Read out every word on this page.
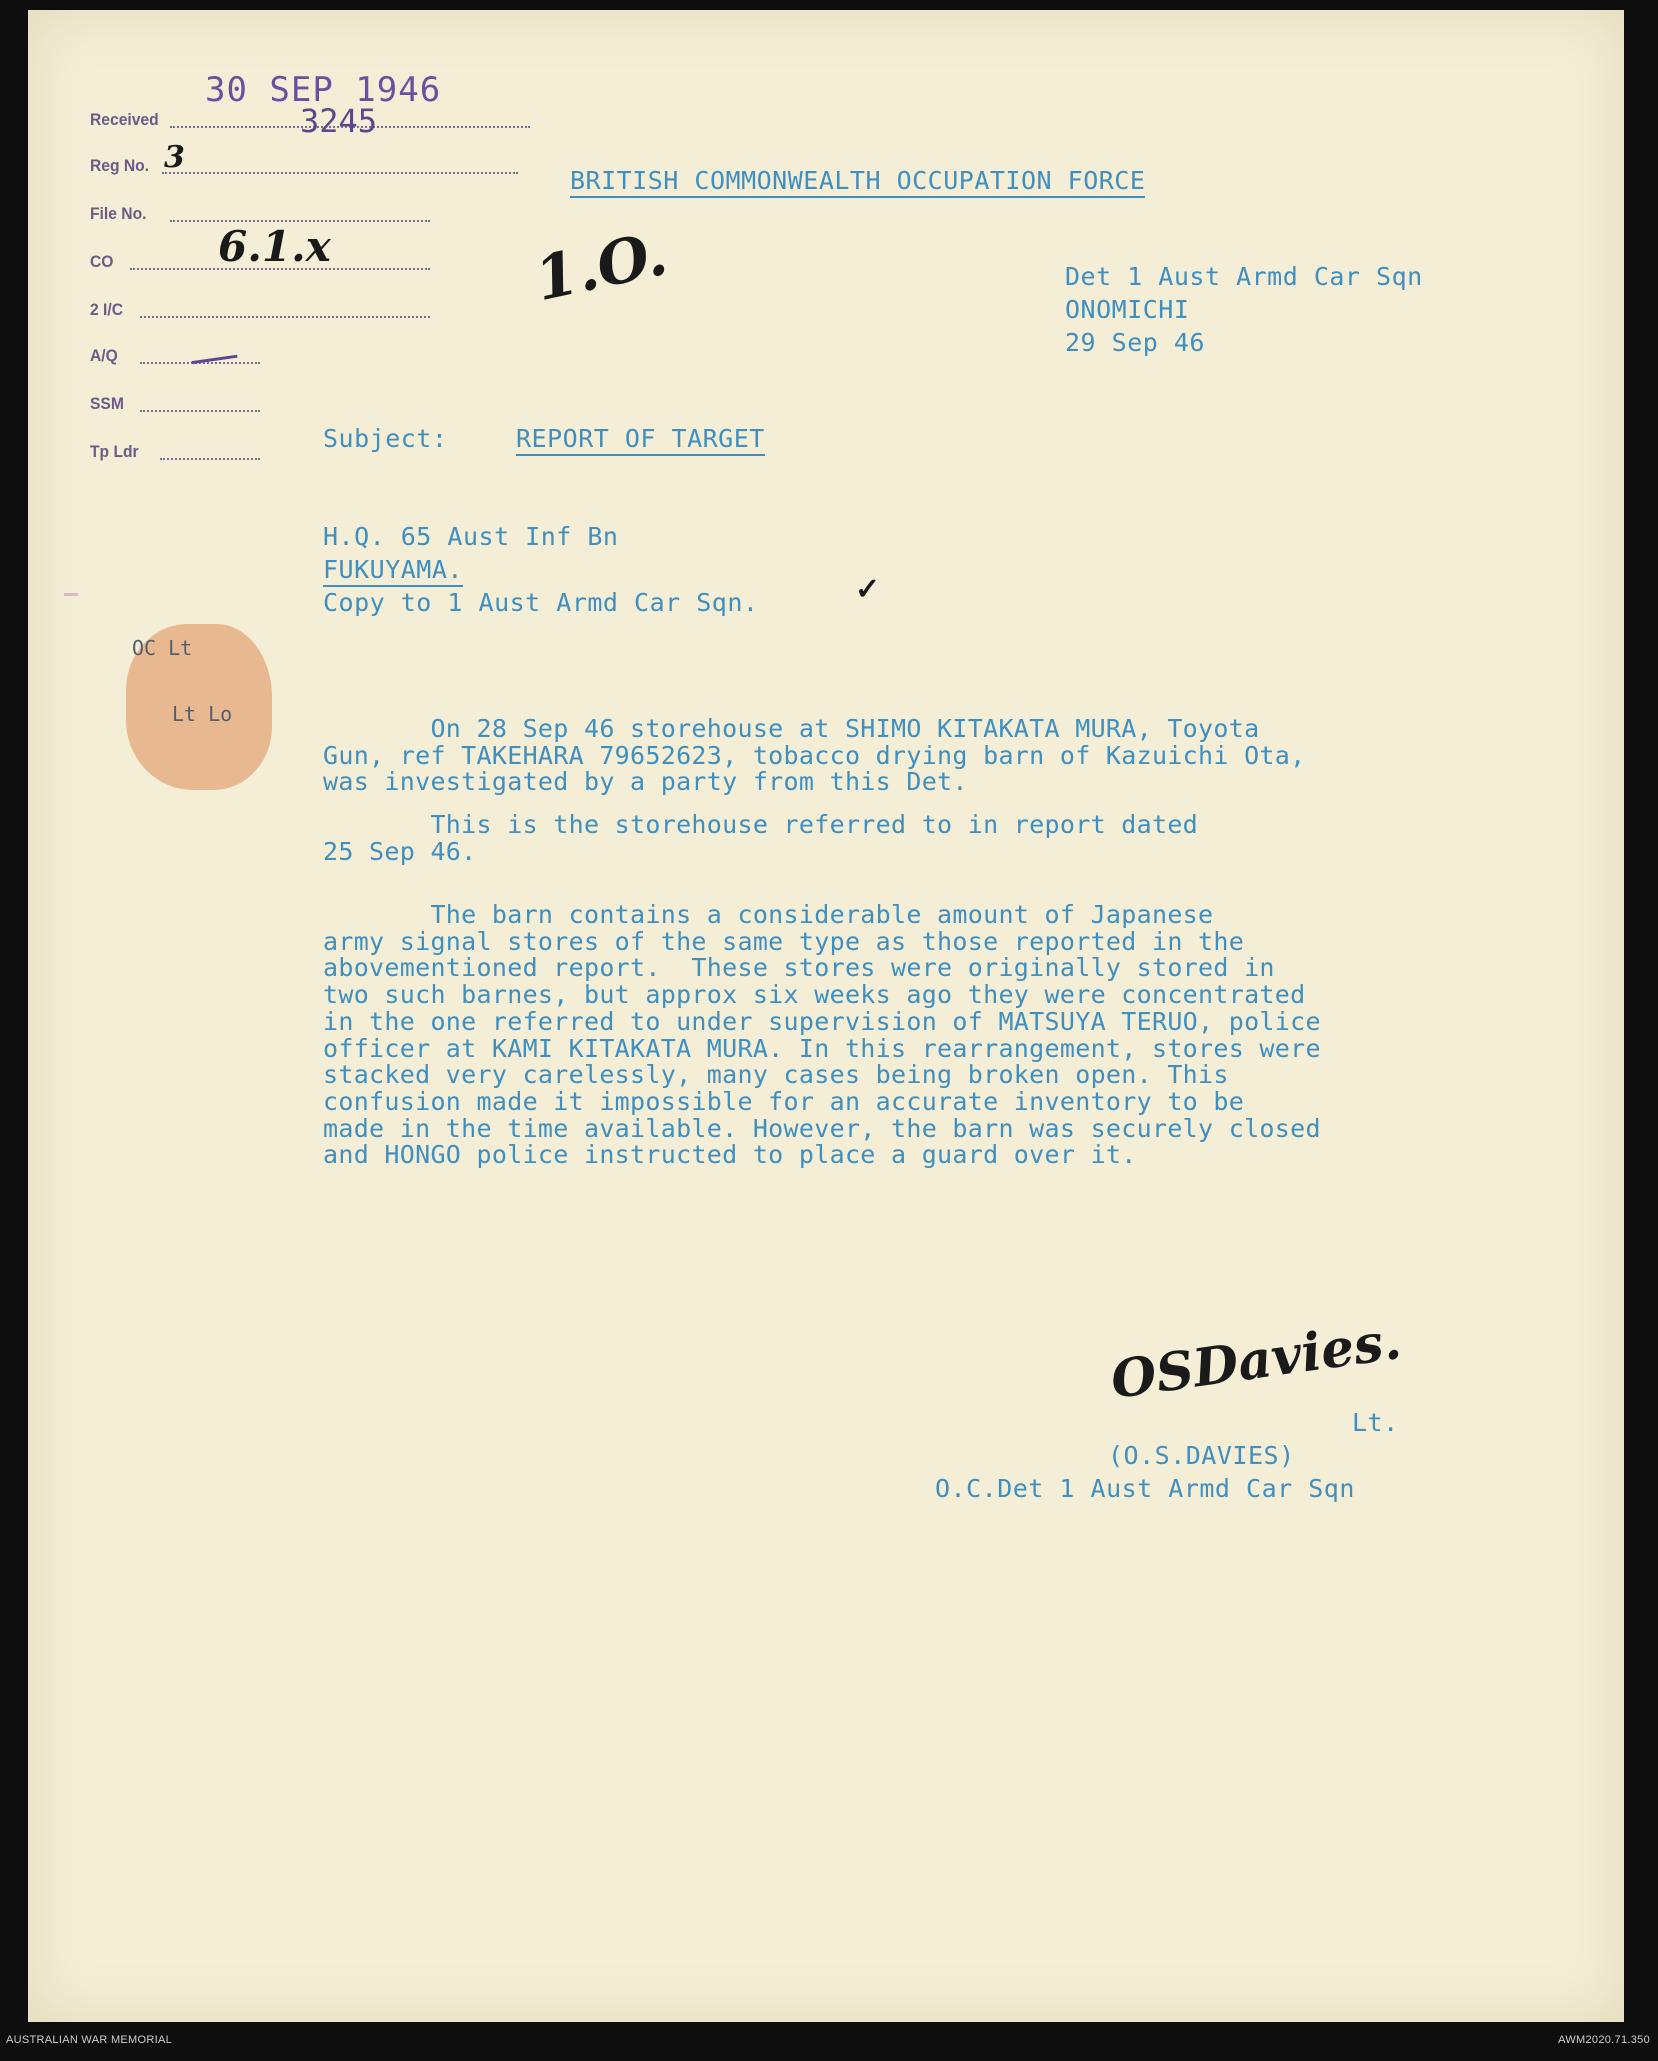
30 SEP 1946
Received	3245
Reg No. 3
File No.
CO 6.1.x
2 I/C
A/Q
SSM
Tp Ldr
1.O.
BRITISH COMMONWEALTH OCCUPATION FORCE
Det 1 Aust Armd Car Sqn
ONOMICHI
29 Sep 46
Subject:	REPORT OF TARGET
H.Q. 65 Aust Inf Bn
FUKUYAMA.
Copy to 1 Aust Armd Car Sqn.	✓
OC Lt
Lt Lo	On 28 Sep 46 storehouse at SHIMO KITAKATA MURA, Toyota
Gun, ref TAKEHARA 79652623, tobacco drying barn of Kazuichi Ota,
was investigated by a party from this Det.
This is the storehouse referred to in report dated
25 Sep 46.
The barn contains a considerable amount of Japanese
army signal stores of the same type as those reported in the
abovementioned report.  These stores were originally stored in
two such barnes, but approx six weeks ago they were concentrated
in the one referred to under supervision of MATSUYA TERUO, police
officer at KAMI KITAKATA MURA. In this rearrangement, stores were
stacked very carelessly, many cases being broken open. This
confusion made it impossible for an accurate inventory to be
made in the time available. However, the barn was securely closed
and HONGO police instructed to place a guard over it.
OSDavies.
Lt.
(O.S.DAVIES)
O.C.Det 1 Aust Armd Car Sqn
AUSTRALIAN WAR MEMORIAL	AWM2020.71.350
